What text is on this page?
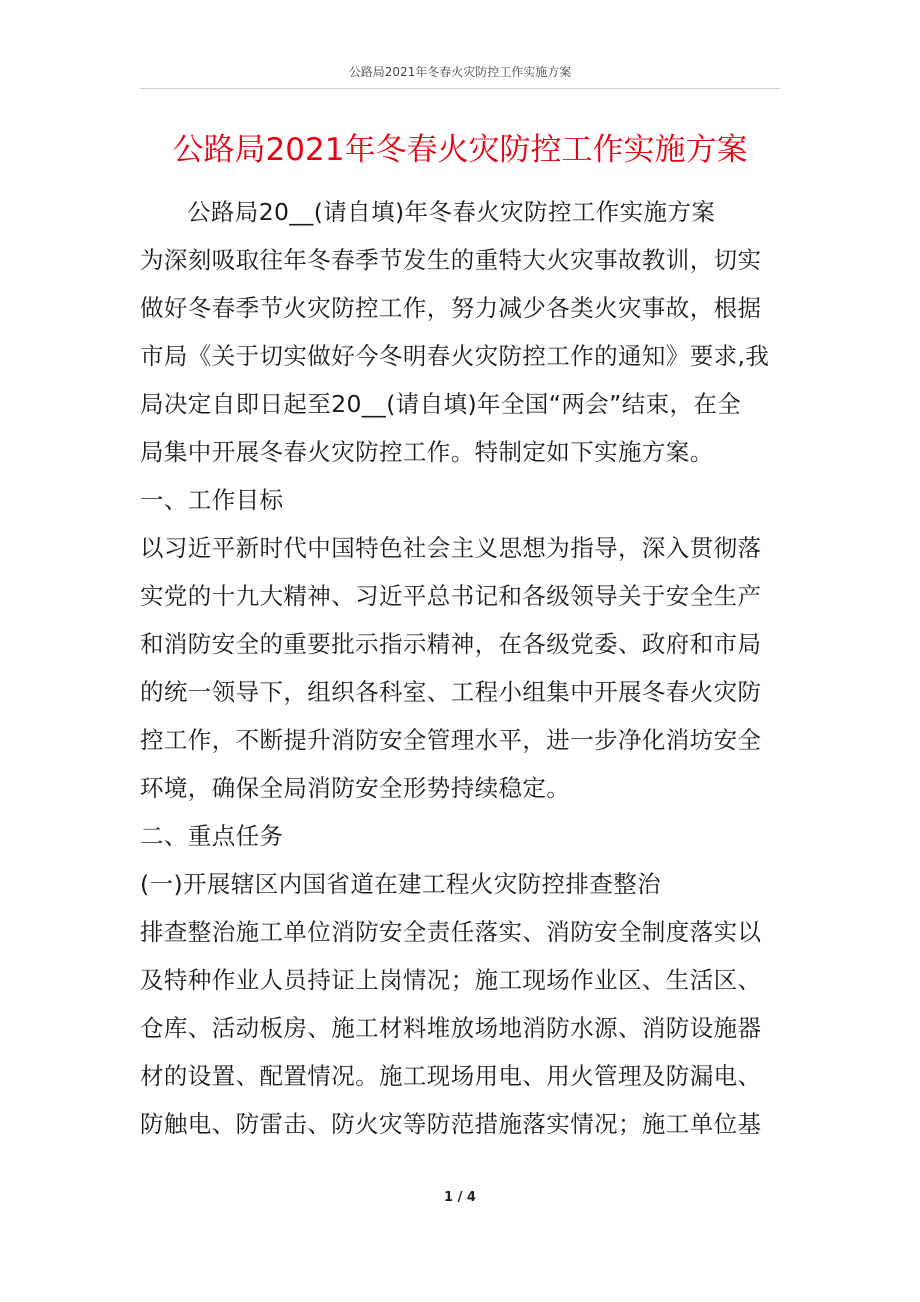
公路局2021年冬春火灾防控工作实施方案
公路局2021年冬春火灾防控工作实施方案
公路局20__(请自填)年冬春火灾防控工作实施方案
为深刻吸取往年冬春季节发生的重特大火灾事故教训，切实
做好冬春季节火灾防控工作，努力减少各类火灾事故，根据
市局《关于切实做好今冬明春火灾防控工作的通知》要求,我
局决定自即日起至20__(请自填)年全国“两会”结束，在全
局集中开展冬春火灾防控工作。特制定如下实施方案。
一、工作目标
以习近平新时代中国特色社会主义思想为指导，深入贯彻落
实党的十九大精神、习近平总书记和各级领导关于安全生产
和消防安全的重要批示指示精神，在各级党委、政府和市局
的统一领导下，组织各科室、工程小组集中开展冬春火灾防
控工作，不断提升消防安全管理水平，进一步净化消坊安全
环境，确保全局消防安全形势持续稳定。
二、重点任务
(一)开展辖区内国省道在建工程火灾防控排查整治
排查整治施工单位消防安全责任落实、消防安全制度落实以
及特种作业人员持证上岗情况；施工现场作业区、生活区、
仓库、活动板房、施工材料堆放场地消防水源、消防设施器
材的设置、配置情况。施工现场用电、用火管理及防漏电、
防触电、防雷击、防火灾等防范措施落实情况；施工单位基
1 / 4
